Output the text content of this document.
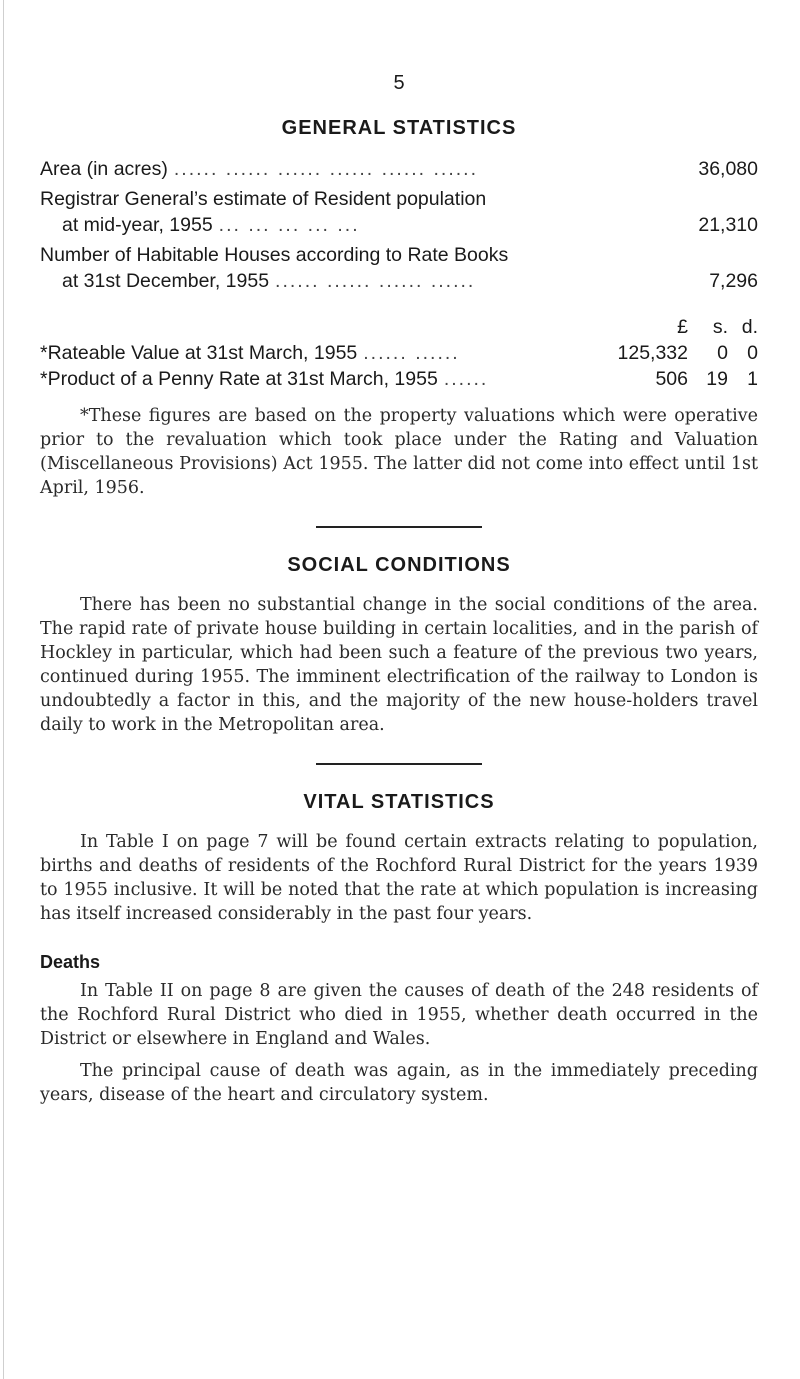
5
GENERAL STATISTICS
Area (in acres) ...... ...... ...... ...... ...... ......	36,080
Registrar General’s estimate of Resident population
at mid-year, 1955 ... ... ... ... ...	21,310
Number of Habitable Houses according to Rate Books
at 31st December, 1955 ...... ...... ...... ......	7,296
£	s. d.
*Rateable Value at 31st March, 1955 ...... ......	125,332	0 0
*Product of a Penny Rate at 31st March, 1955 ......	506 19 1

*These figures are based on the property valuations which were operative prior to the revaluation which took place under the Rating and Valuation (Miscellaneous Provisions) Act 1955. The latter did not come into effect until 1st April, 1956.

SOCIAL CONDITIONS

There has been no substantial change in the social conditions of the area. The rapid rate of private house building in certain localities, and in the parish of Hockley in particular, which had been such a feature of the previous two years, continued during 1955. The imminent electrification of the railway to London is undoubtedly a factor in this, and the majority of the new house-holders travel daily to work in the Metropolitan area.

VITAL STATISTICS

In Table I on page 7 will be found certain extracts relating to population, births and deaths of residents of the Rochford Rural District for the years 1939 to 1955 inclusive. It will be noted that the rate at which population is increasing has itself increased considerably in the past four years.

Deaths

In Table II on page 8 are given the causes of death of the 248 residents of the Rochford Rural District who died in 1955, whether death occurred in the District or elsewhere in England and Wales.

The principal cause of death was again, as in the immediately preceding years, disease of the heart and circulatory system.
